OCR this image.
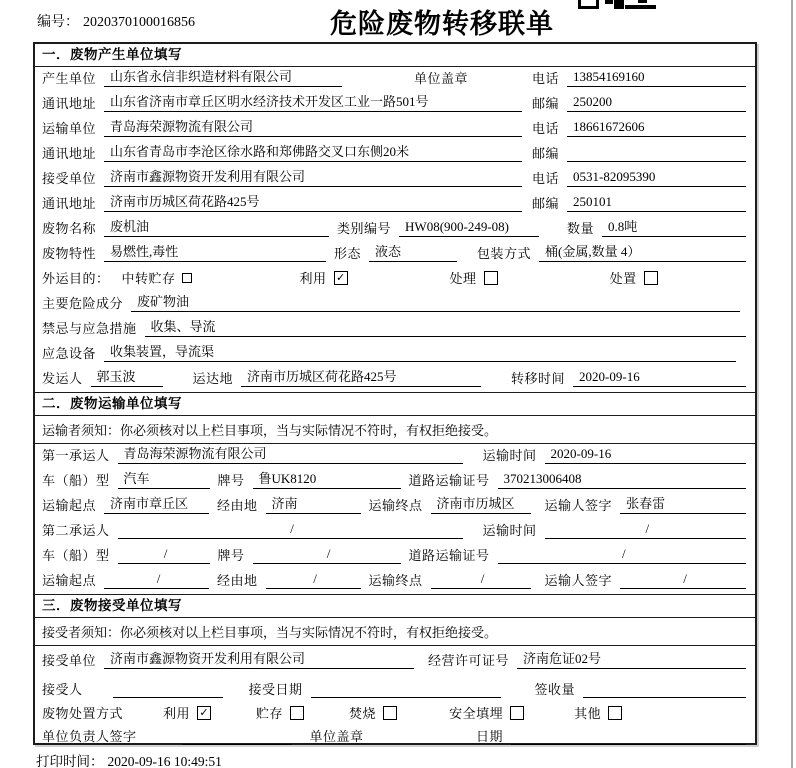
编号： 2020370100016856	危险废物转移联单
一．废物产生单位填写
产生单位	山东省永信非织造材料有限公司	单位盖章	电话	13854169160
通讯地址	山东省济南市章丘区明水经济技术开发区工业一路501号	邮编	250200
运输单位	青岛海荣源物流有限公司	电话	18661672606
通讯地址	山东省青岛市李沧区徐水路和郑佛路交叉口东侧20米	邮编
接受单位	济南市鑫源物资开发利用有限公司	电话	0531-82095390
通讯地址	济南市历城区荷花路425号	邮编	250101
废物名称	废机油	类别编号	HW08(900-249-08)	数量	0.8吨
废物特性	易燃性,毒性	形态	液态	包装方式	桶(金属,数量 4）
外运目的： 中转贮存	利用 ✓	处理	处置
主要危险成分	废矿物油
禁忌与应急措施	收集、导流
应急设备	收集装置，导流渠
发运人	郭玉波	运达地	济南市历城区荷花路425号	转移时间	2020-09-16
二．废物运输单位填写
运输者须知：你必须核对以上栏目事项，当与实际情况不符时，有权拒绝接受。
第一承运人	青岛海荣源物流有限公司	运输时间	2020-09-16
车（船）型	汽车	牌号	鲁UK8120	道路运输证号	370213006408
运输起点	济南市章丘区	经由地	济南	运输终点	济南市历城区	运输人签字	张春雷
第二承运人	/	运输时间	/
车（船）型	/	牌号	/	道路运输证号	/
运输起点	/	经由地	/	运输终点	/	运输人签字	/
三．废物接受单位填写
接受者须知：你必须核对以上栏目事项，当与实际情况不符时，有权拒绝接受。
接受单位	济南市鑫源物资开发利用有限公司	经营许可证号	济南危证02号
接受人	接受日期	签收量
废物处置方式	利用 ✓	贮存	焚烧	安全填埋	其他
单位负责人签字	单位盖章	日期
打印时间： 2020-09-16 10:49:51
